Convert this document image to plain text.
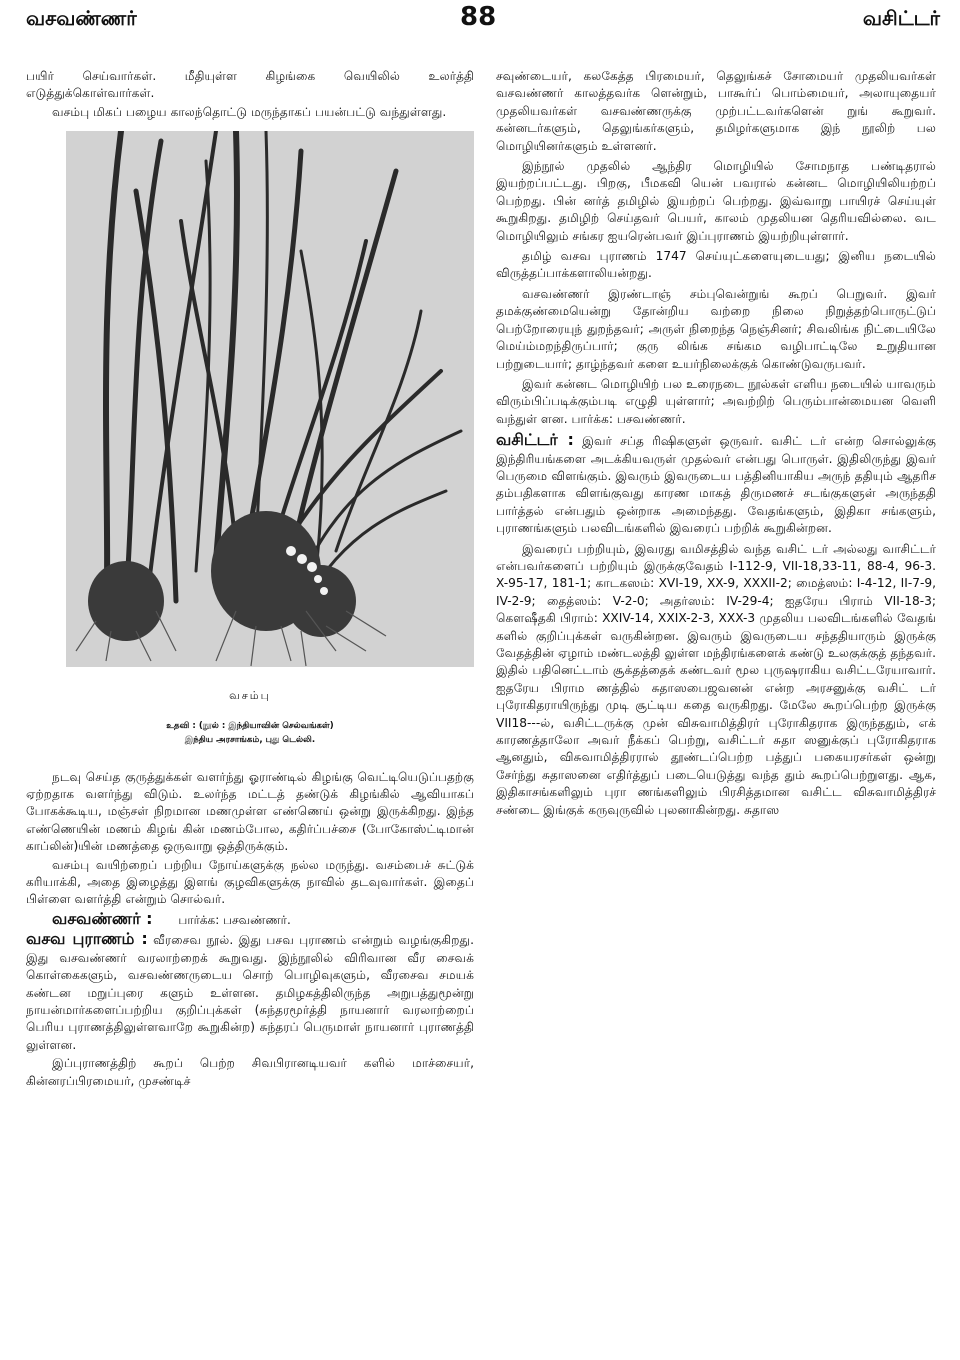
வசவண்ணர்	88	வசிட்டர்

பயிர் செய்வார்கள். மீதியுள்ள கிழங்கை வெயிலில் உலர்த்தி எடுத்துக்கொள்வார்கள்.

வசம்பு மிகப் பழைய காலந்தொட்டு மருந்தாகப் பயன்பட்டு வந்துள்ளது.

வசம்பு
உதவி : (நூல் : இந்தியாவின் செல்வங்கள்)
இந்திய அரசாங்கம், புது டெல்லி.

நடவு செய்த குருத்துக்கள் வளர்ந்து ஓராண்டில் கிழங்கு வெட்டியெடுப்பதற்கு ஏற்றதாக வளர்ந்து விடும். உலர்ந்த மட்டத் தண்டுக் கிழங்கில் ஆவியாகப் போகக்கூடிய, மஞ்சள் நிறமான மணமுள்ள எண்ணெய் ஒன்று இருக்கிறது. இந்த எண்ணெயின் மணம் கிழங் கின் மணம்போல, கதிர்ப்பச்சை (போகோஸ்ட்டிமான் காப்லின்)யின் மணத்தை ஒருவாறு ஒத்திருக்கும்.

வசம்பு வயிற்றைப் பற்றிய நோய்களுக்கு நல்ல மருந்து. வசம்பைச் சுட்டுக் கரியாக்கி, அதை இழைத்து இளங் குழவிகளுக்கு நாவில் தடவுவார்கள். இதைப் பிள்ளை வளர்த்தி என்றும் சொல்வர்.

வசவண்ணர் : பார்க்க: பசவண்ணர்.

வசவ புராணம் : வீரசைவ நூல். இது பசவ புராணம் என்றும் வழங்குகிறது. இது வசவண்ணர் வரலாற்றைக் கூறுவது. இந்நூலில் விரிவான வீர சைவக் கொள்கைகளும், வசவண்ணருடைய சொற் பொழிவுகளும், வீரசைவ சமயக் கண்டன மறுப்புரை களும் உள்ளன. தமிழகத்திலிருந்த அறுபத்துமூன்று நாயன்மார்களைப்பற்றிய குறிப்புக்கள் (சுந்தரமூர்த்தி நாயனார் வரலாற்றைப் பெரிய புராணத்திலுள்ளவாறே கூறுகின்ற) சுந்தரப் பெருமாள் நாயனார் புராணத்தி லுள்ளன.

இப்புராணத்திற் கூறப் பெற்ற சிவபிரானடியவர் களில் மாச்சையர், கின்னரப்பிரமையர், முசண்டிச்

சவுண்டையர், கலகேத்த பிரமையர், தெலுங்கச் சோமையர் முதலியவர்கள் வசவண்ணர் காலத்தவர்க ளென்றும், பாகூர்ப் பொம்மையர், அலாயுதையர் முதலியவர்கள் வசவண்ணருக்கு முற்பட்டவர்களென் றுங் கூறுவர். கன்னடர்களும், தெலுங்கர்களும், தமிழர்களுமாக இந் நூலிற் பல மொழியினர்களும் உள்ளனர்.

இந்நூல் முதலில் ஆந்திர மொழியில் சோமநாத பண்டிதரால் இயற்றப்பட்டது. பிறகு, பீமகவி யென் பவரால் கன்னட மொழியிலியற்றப் பெற்றது. பின் னர்த் தமிழில் இயற்றப் பெற்றது. இவ்வாறு பாயிரச் செய்யுள் கூறுகிறது. தமிழிற் செய்தவர் பெயர், காலம் முதலியன தெரியவில்லை. வட மொழியிலும் சங்கர ஐயரென்பவர் இப்புராணம் இயற்றியுள்ளார்.

தமிழ் வசவ புராணம் 1747 செய்யுட்களையுடையது; இனிய நடையில் விருத்தப்பாக்களாலியன்றது.

வசவண்ணர் இரண்டாஞ் சம்புவென்றுங் கூறப் பெறுவர். இவர் தமக்குண்மையென்று தோன்றிய வற்றை நிலை நிறுத்தற்பொருட்டுப் பெற்றோரையுந் துறந்தவர்; அருள் நிறைந்த நெஞ்சினர்; சிவலிங்க நிட்டையிலே மெய்ம்மறந்திருப்பார்; குரு லிங்க சங்கம வழிபாட்டிலே உறுதியான பற்றுடையார்; தாழ்ந்தவர் களை உயர்நிலைக்குக் கொண்டுவருபவர்.

இவர் கன்னட மொழியிற் பல உரைநடை நூல்கள் எளிய நடையில் யாவரும் விரும்பிப்படிக்கும்படி எழுதி யுள்ளார்; அவற்றிற் பெரும்பான்மையன வெளி வந்துள் ளன. பார்க்க: பசவண்ணர்.

வசிட்டர் : இவர் சப்த ரிஷிகளுள் ஒருவர். வசிட் டர் என்ற சொல்லுக்கு இந்திரியங்களை அடக்கியவருள் முதல்வர் என்பது பொருள். இதிலிருந்து இவர் பெருமை விளங்கும். இவரும் இவருடைய பத்தினியாகிய அருந் ததியும் ஆதரிச தம்பதிகளாக விளங்குவது காரண மாகத் திருமணச் சடங்குகளுள் அருந்ததி பார்த்தல் என்பதும் ஒன்றாக அமைந்தது. வேதங்களும், இதிகா சங்களும், புராணங்களும் பலவிடங்களில் இவரைப் பற்றிக் கூறுகின்றன.

இவரைப் பற்றியும், இவரது வமிசத்தில் வந்த வசிட் டர் அல்லது வாசிட்டர் என்பவர்களைப் பற்றியும் இருக்குவேதம் I-112-9, VII-18,33-11, 88-4, 96-3. X-95-17, 181-1; காடகஸம்: XVI-19, XX-9, XXXII-2; மைத்ஸம்: I-4-12, II-7-9, IV-2-9; தைத்ஸம்: V-2-0; அதர்ஸம்: IV-29-4; ஐதரேய பிராம் VII-18-3; கௌஷீதகி பிராம்: XXIV-14, XXIX-2-3, XXX-3 முதலிய பலவிடங்களில் வேதங் களில் குறிப்புக்கள் வருகின்றன. இவரும் இவருடைய சந்ததியாரும் இருக்கு வேதத்தின் ஏழாம் மண்டலத்தி லுள்ள மந்திரங்களைக் கண்டு உலகுக்குத் தந்தவர். இதில் பதினெட்டாம் சூக்தத்தைக் கண்டவர் மூல புருஷராகிய வசிட்டரேயாவார். ஐதரேய பிராம ணத்தில் சுதாஸபைஜவனன் என்ற அரசனுக்கு வசிட் டர் புரோகிதராயிருந்து முடி சூட்டிய கதை வருகிறது. மேலே கூறப்பெற்ற இருக்கு VII18---ல், வசிட்டருக்கு முன் விசுவாமித்திரர் புரோகிதராக இருந்ததும், எக் காரணத்தாலோ அவர் நீக்கப் பெற்று, வசிட்டர் சுதா ஸனுக்குப் புரோகிதராக ஆனதும், விசுவாமித்திரரால் தூண்டப்பெற்ற பத்துப் பகையரசர்கள் ஒன்று சேர்ந்து சுதாஸனை எதிர்த்துப் படையெடுத்து வந்த தும் கூறப்பெற்றுளது. ஆக, இதிகாசங்களிலும் புரா ணங்களிலும் பிரசித்தமான வசிட்ட விசுவாமித்திரச் சண்டை இங்குக் கருவுருவில் புலனாகின்றது. சுதாஸ
